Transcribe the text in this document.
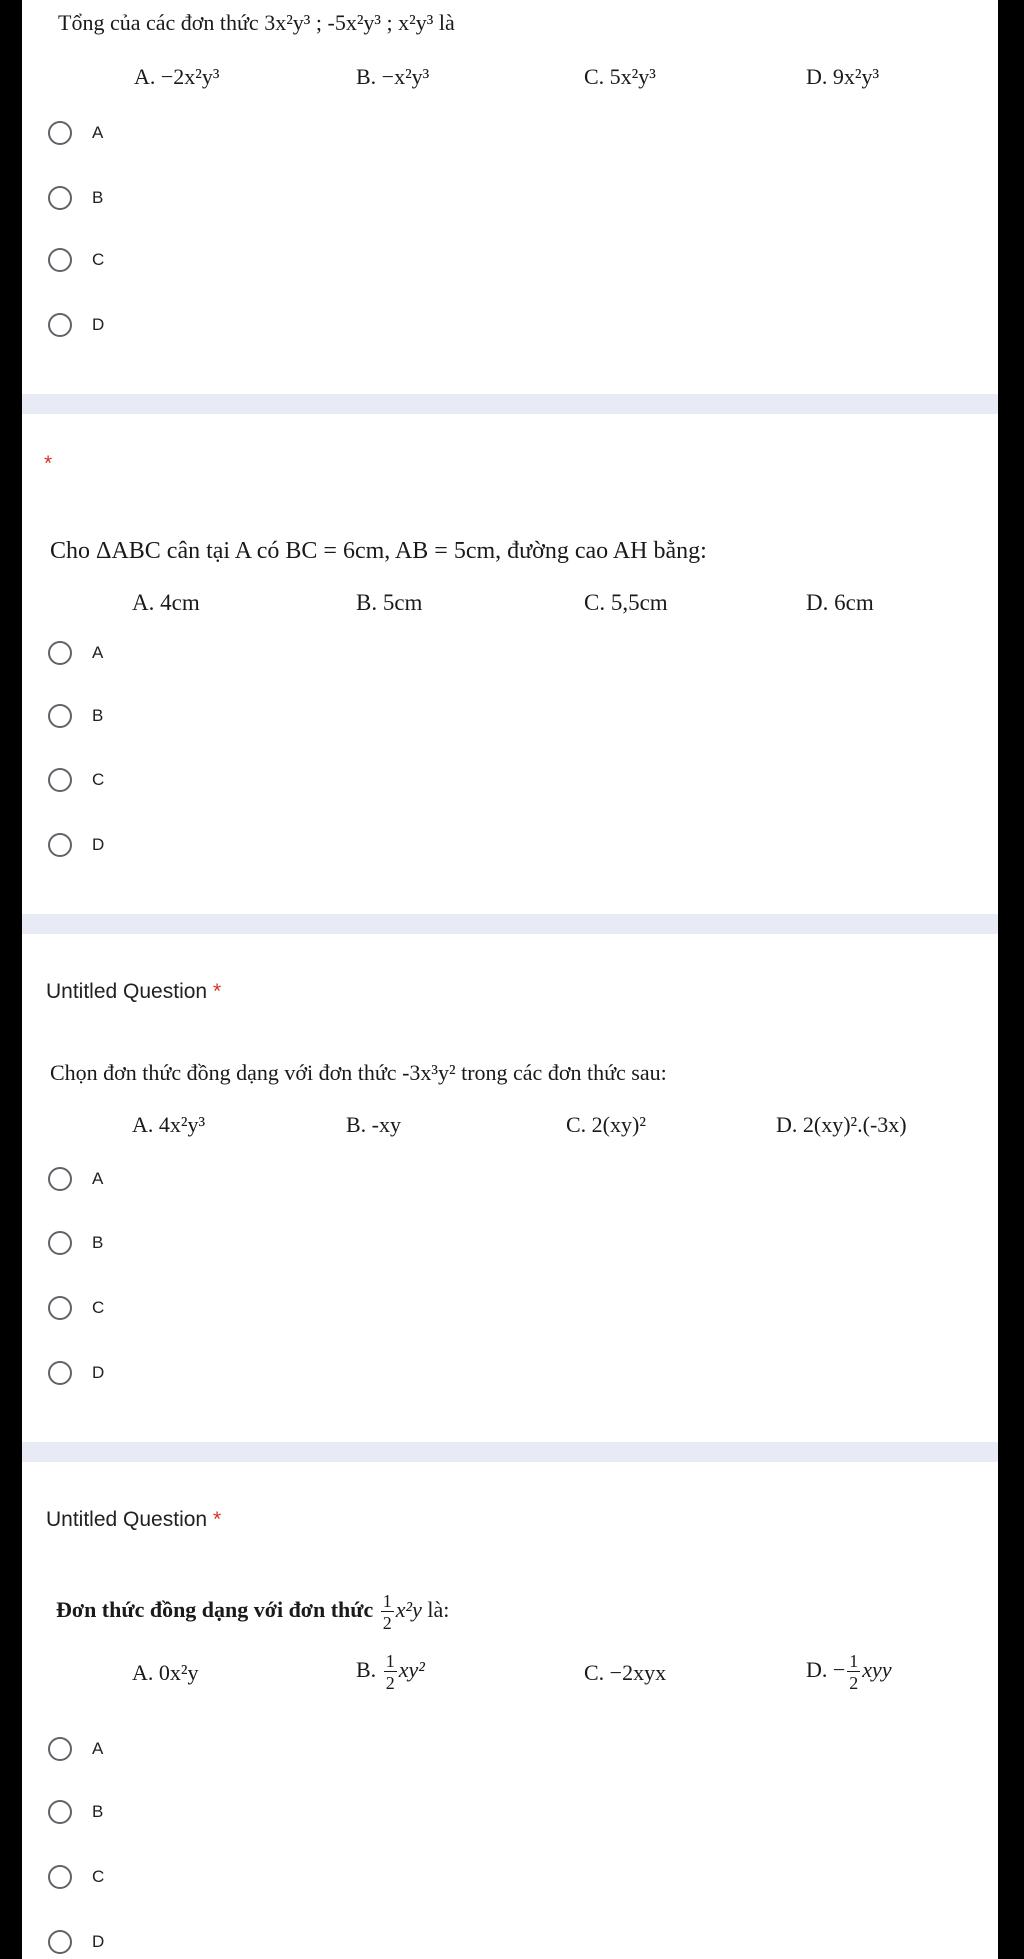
Tổng của các đơn thức 3x²y³ ; -5x²y³ ; x²y³ là
A. −2x²y³	B. −x²y³	C. 5x²y³	D. 9x²y³
A
B
C
D
*
Cho ΔABC cân tại A có BC = 6cm, AB = 5cm, đường cao AH bằng:
A. 4cm	B. 5cm	C. 5,5cm	D. 6cm
A
B
C
D
Untitled Question *
Chọn đơn thức đồng dạng với đơn thức -3x³y² trong các đơn thức sau:
A. 4x²y³	B. -xy	C. 2(xy)²	D. 2(xy)².(-3x)
A
B
C
D
Untitled Question *
Đơn thức đồng dạng với đơn thức $\frac{1}{2} x^2y$ là:
A. 0x²y	B. $\frac{1}{2} xy^2$	C. −2xyx	D. − $\frac{1}{2}$ xyy
A
B
C
D
